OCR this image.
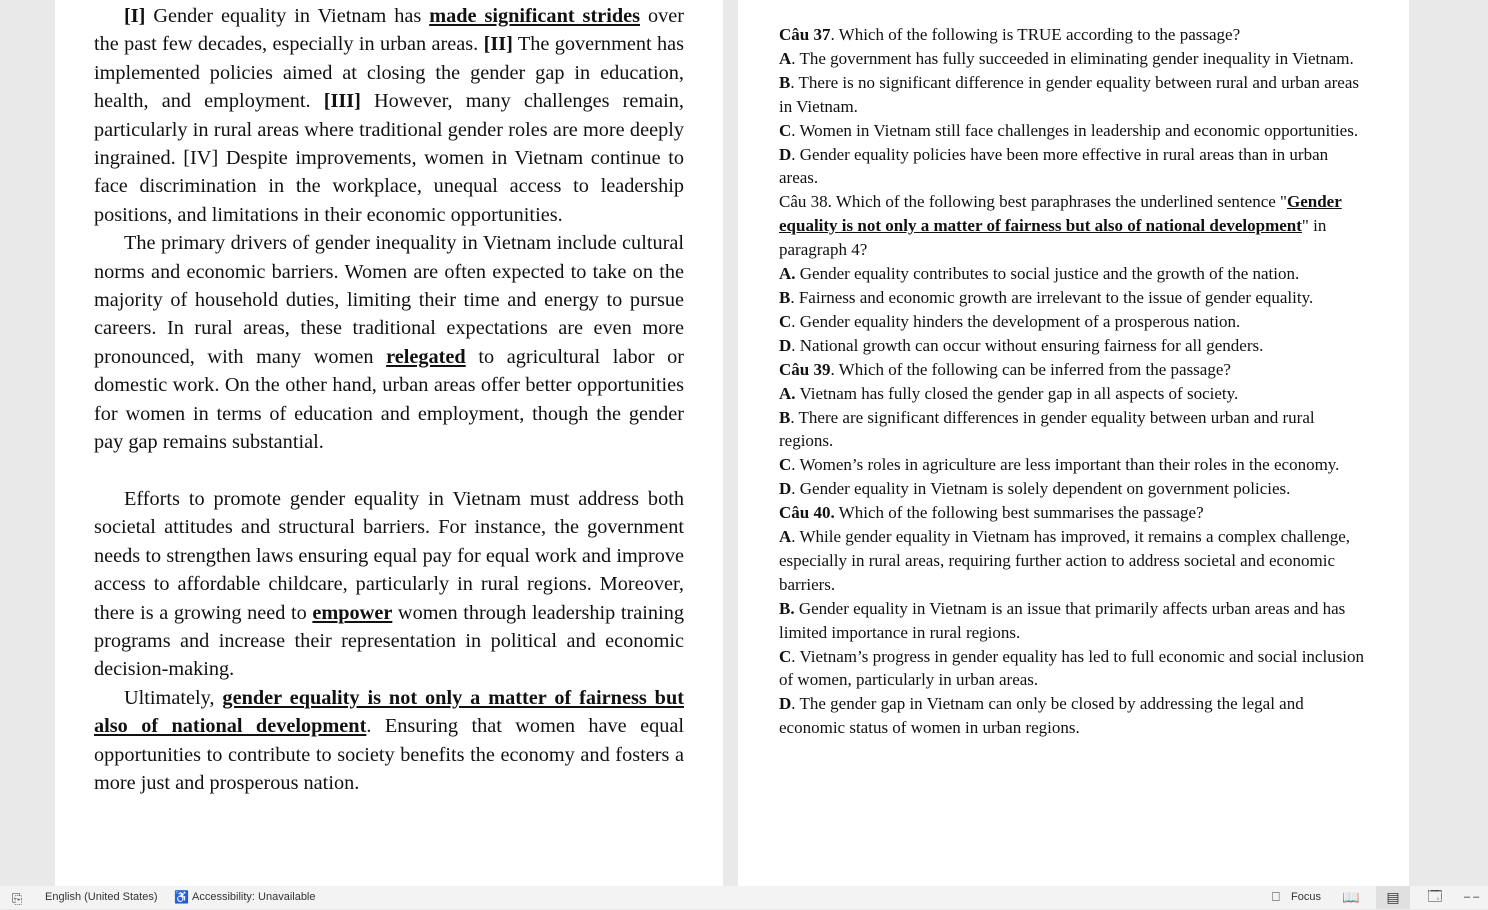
[I] Gender equality in Vietnam has made significant strides over the past few decades, especially in urban areas. [II] The government has implemented policies aimed at closing the gender gap in education, health, and employment. [III] However, many challenges remain, particularly in rural areas where traditional gender roles are more deeply ingrained. [IV] Despite improvements, women in Vietnam continue to face discrimination in the workplace, unequal access to leadership positions, and limitations in their economic opportunities.

The primary drivers of gender inequality in Vietnam include cultural norms and economic barriers. Women are often expected to take on the majority of household duties, limiting their time and energy to pursue careers. In rural areas, these traditional expectations are even more pronounced, with many women relegated to agricultural labor or domestic work. On the other hand, urban areas offer better opportunities for women in terms of education and employment, though the gender pay gap remains substantial.

Efforts to promote gender equality in Vietnam must address both societal attitudes and structural barriers. For instance, the government needs to strengthen laws ensuring equal pay for equal work and improve access to affordable childcare, particularly in rural regions. Moreover, there is a growing need to empower women through leadership training programs and increase their representation in political and economic decision-making.

Ultimately, gender equality is not only a matter of fairness but also of national development. Ensuring that women have equal opportunities to contribute to society benefits the economy and fosters a more just and prosperous nation.

Câu 37. Which of the following is TRUE according to the passage?
A. The government has fully succeeded in eliminating gender inequality in Vietnam.
B. There is no significant difference in gender equality between rural and urban areas in Vietnam.
C. Women in Vietnam still face challenges in leadership and economic opportunities.
D. Gender equality policies have been more effective in rural areas than in urban areas.
Câu 38. Which of the following best paraphrases the underlined sentence "Gender equality is not only a matter of fairness but also of national development" in paragraph 4?
A. Gender equality contributes to social justice and the growth of the nation.
B. Fairness and economic growth are irrelevant to the issue of gender equality.
C. Gender equality hinders the development of a prosperous nation.
D. National growth can occur without ensuring fairness for all genders.
Câu 39. Which of the following can be inferred from the passage?
A. Vietnam has fully closed the gender gap in all aspects of society.
B. There are significant differences in gender equality between urban and rural regions.
C. Women’s roles in agriculture are less important than their roles in the economy.
D. Gender equality in Vietnam is solely dependent on government policies.
Câu 40. Which of the following best summarises the passage?
A. While gender equality in Vietnam has improved, it remains a complex challenge, especially in rural areas, requiring further action to address societal and economic barriers.
B. Gender equality in Vietnam is an issue that primarily affects urban areas and has limited importance in rural regions.
C. Vietnam’s progress in gender equality has led to full economic and social inclusion of women, particularly in urban areas.
D. The gender gap in Vietnam can only be closed by addressing the legal and economic status of women in urban regions.
⎘ English (United States) ♿ Accessibility: Unavailable	⎕ Focus	📖	▤	🗔	– –
